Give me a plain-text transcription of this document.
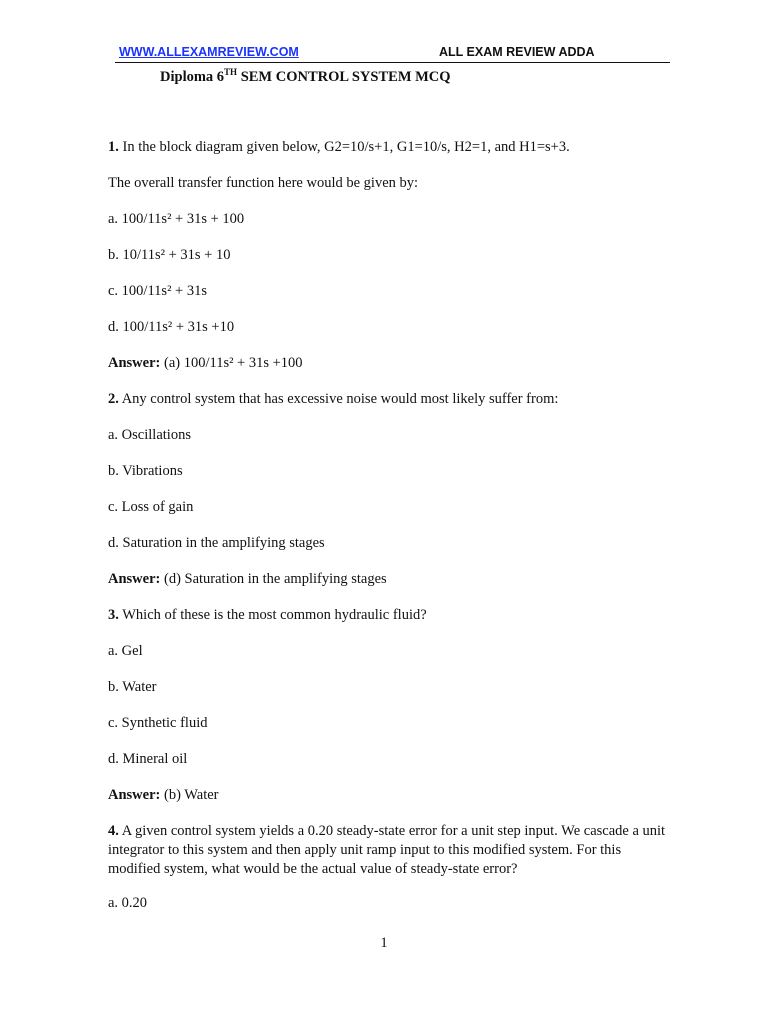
WWW.ALLEXAMREVIEW.COM	ALL EXAM REVIEW ADDA
Diploma 6TH SEM CONTROL SYSTEM MCQ
1. In the block diagram given below, G2=10/s+1, G1=10/s, H2=1, and H1=s+3.
The overall transfer function here would be given by:
a. 100/11s² + 31s + 100
b. 10/11s² + 31s + 10
c. 100/11s² + 31s
d. 100/11s² + 31s +10
Answer: (a) 100/11s² + 31s +100
2. Any control system that has excessive noise would most likely suffer from:
a. Oscillations
b. Vibrations
c. Loss of gain
d. Saturation in the amplifying stages
Answer: (d) Saturation in the amplifying stages
3. Which of these is the most common hydraulic fluid?
a. Gel
b. Water
c. Synthetic fluid
d. Mineral oil
Answer: (b) Water
4. A given control system yields a 0.20 steady-state error for a unit step input. We cascade a unit integrator to this system and then apply unit ramp input to this modified system. For this modified system, what would be the actual value of steady-state error?
a. 0.20
1
